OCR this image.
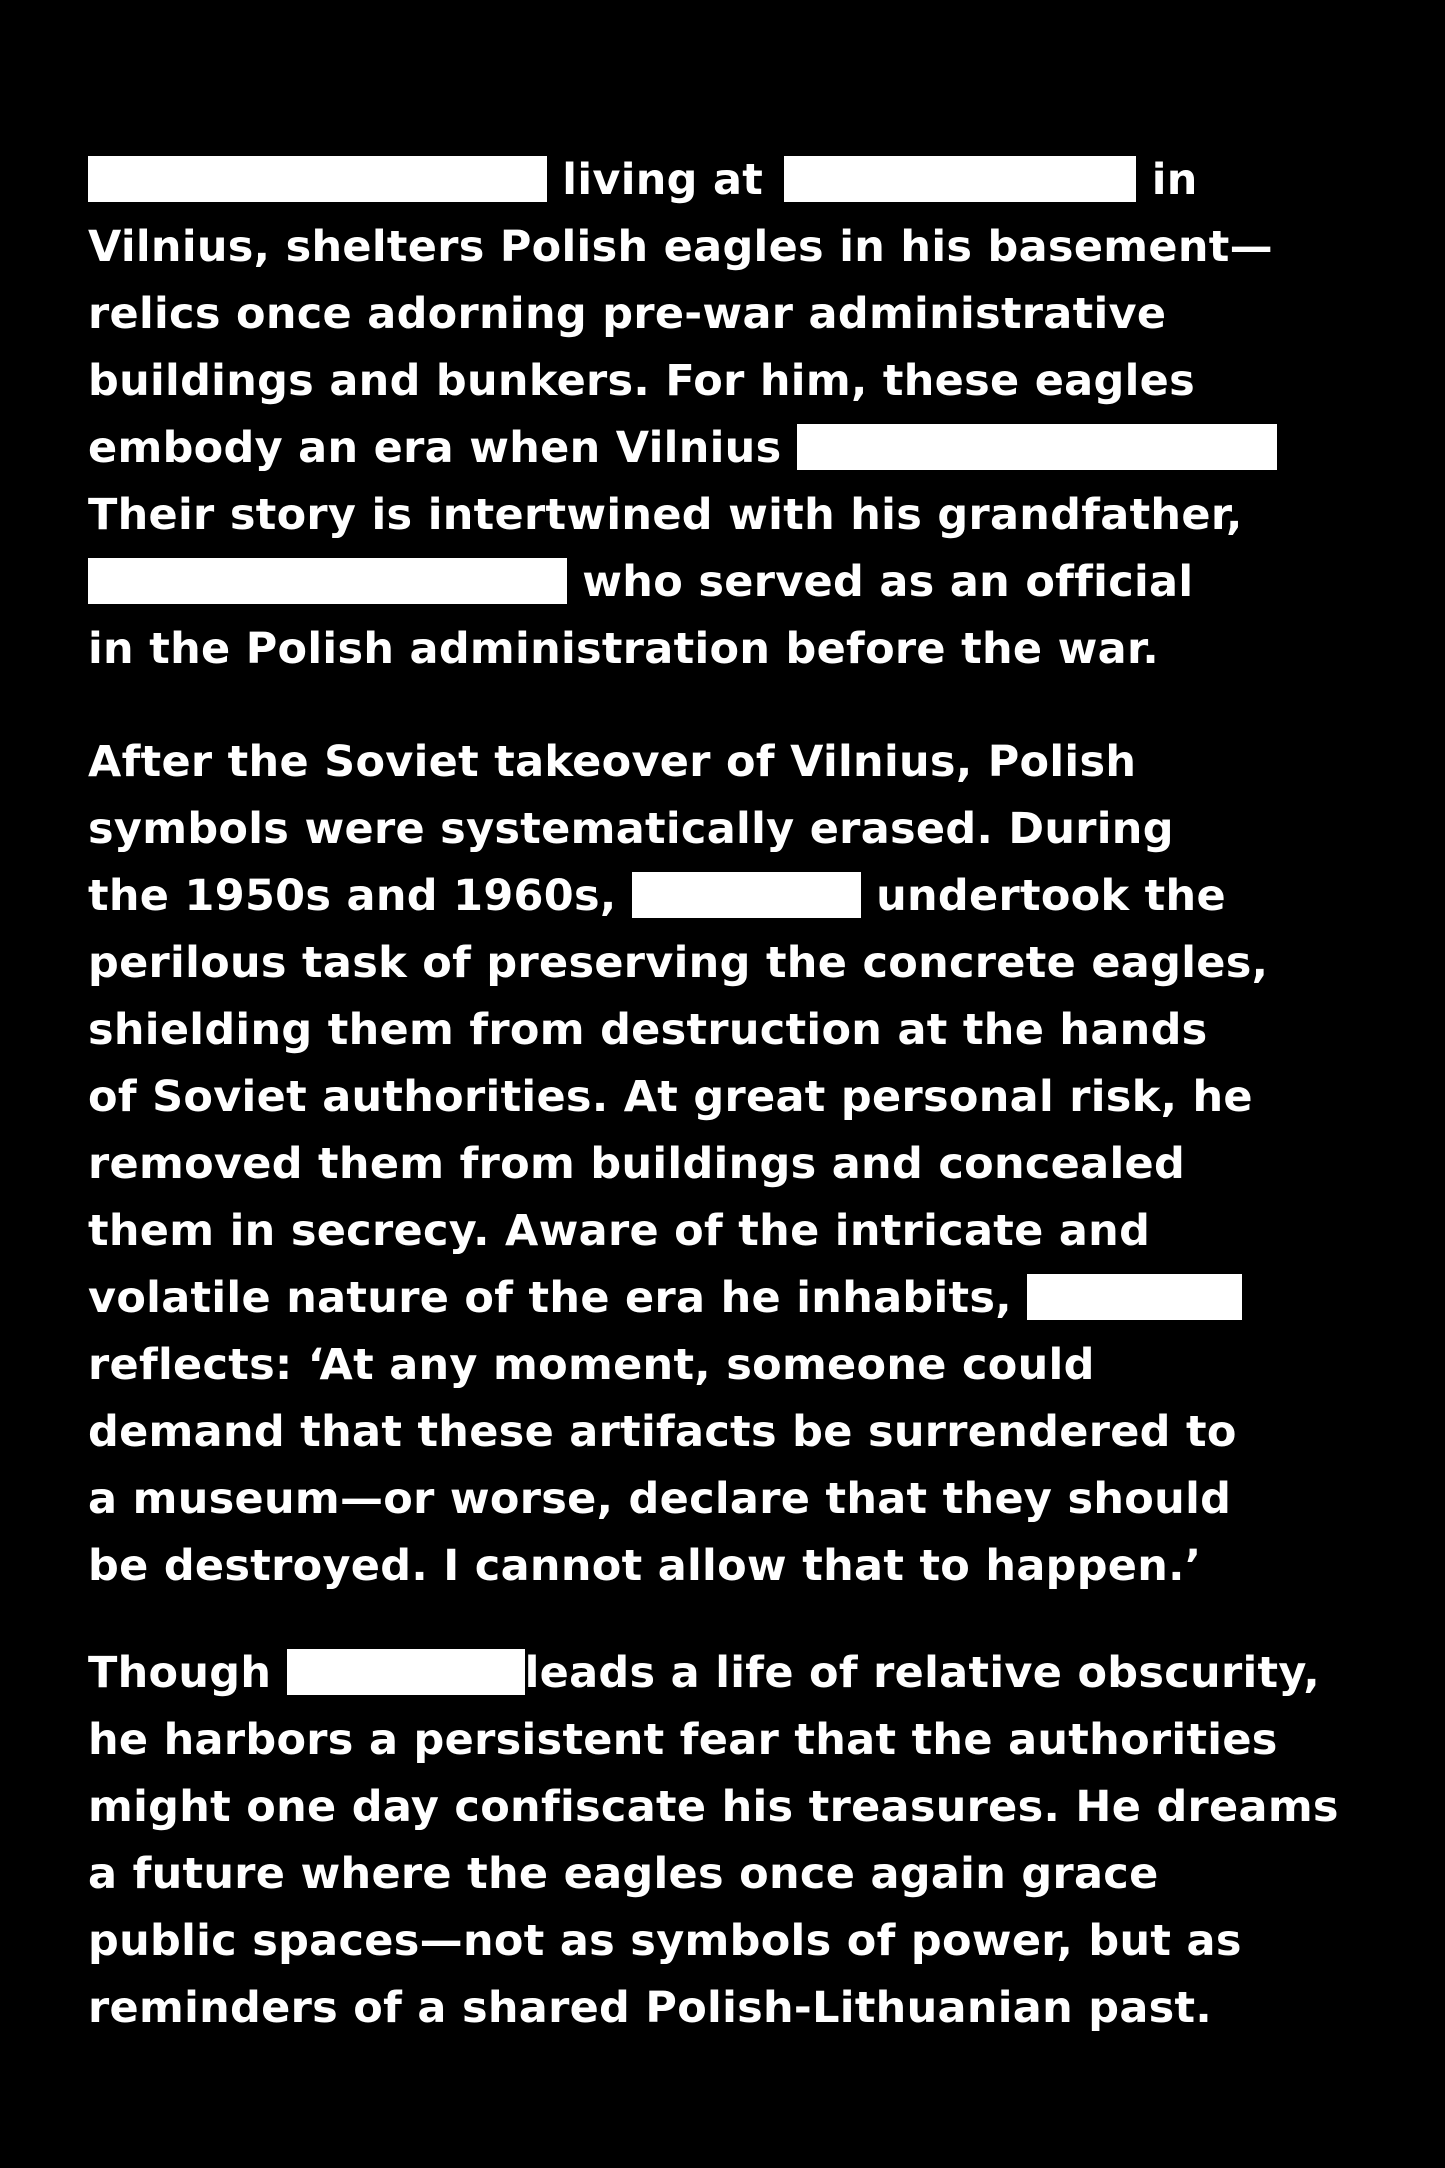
living at	in
Vilnius, shelters Polish eagles in his basement—
relics once adorning pre-war administrative
buildings and bunkers. For him, these eagles
embody an era when Vilnius
Their story is intertwined with his grandfather,
who served as an official
in the Polish administration before the war.
After the Soviet takeover of Vilnius, Polish
symbols were systematically erased. During
the 1950s and 1960s,	undertook the
perilous task of preserving the concrete eagles,
shielding them from destruction at the hands
of Soviet authorities. At great personal risk, he
removed them from buildings and concealed
them in secrecy. Aware of the intricate and
volatile nature of the era he inhabits,
reflects: ‘At any moment, someone could
demand that these artifacts be surrendered to
a museum—or worse, declare that they should
be destroyed. I cannot allow that to happen.’
Though	leads a life of relative obscurity,
he harbors a persistent fear that the authorities
might one day confiscate his treasures. He dreams
a future where the eagles once again grace
public spaces—not as symbols of power, but as
reminders of a shared Polish-Lithuanian past.
